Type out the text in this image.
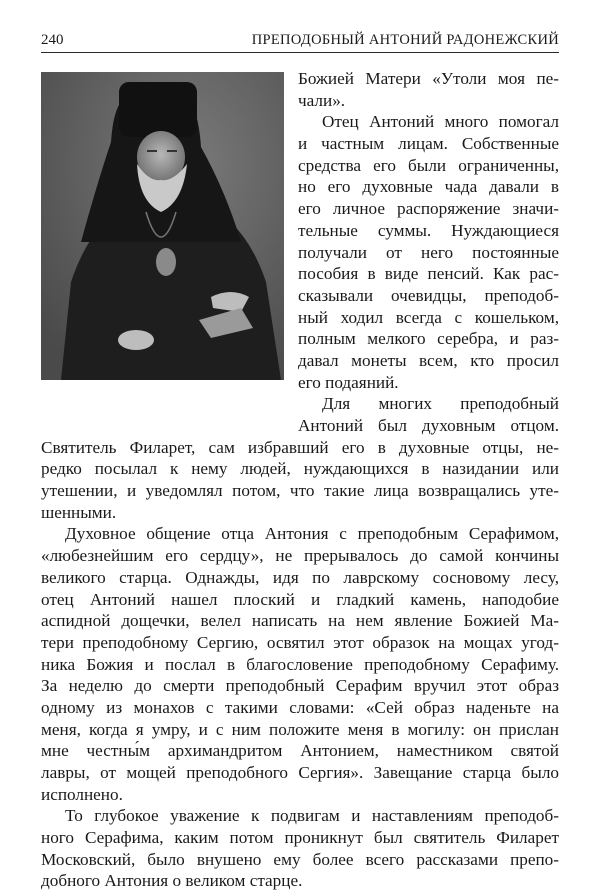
240	ПРЕПОДОБНЫЙ АНТОНИЙ РАДОНЕЖСКИЙ
Божией Матери «Утоли моя пе-
чали».
Отец Антоний много помогал
и частным лицам. Собственные
средства его были ограниченны,
но его духовные чада давали в
его личное распоряжение значи-
тельные суммы. Нуждающиеся
получали от него постоянные
пособия в виде пенсий. Как рас-
сказывали очевидцы, преподоб-
ный ходил всегда с кошельком,
полным мелкого серебра, и раз-
давал монеты всем, кто просил
его подаяний.
Для многих преподобный
Антоний был духовным отцом.
Святитель Филарет, сам избравший его в духовные отцы, не-
редко посылал к нему людей, нуждающихся в назидании или
утешении, и уведомлял потом, что такие лица возвращались уте-
шенными.
Духовное общение отца Антония с преподобным Серафимом,
«любезнейшим его сердцу», не прерывалось до самой кончины
великого старца. Однажды, идя по лаврскому сосновому лесу,
отец Антоний нашел плоский и гладкий камень, наподобие
аспидной дощечки, велел написать на нем явление Божией Ма-
тери преподобному Сергию, освятил этот образок на мощах угод-
ника Божия и послал в благословение преподобному Серафиму.
За неделю до смерти преподобный Серафим вручил этот образ
одному из монахов с такими словами: «Сей образ наденьте на
меня, когда я умру, и с ним положите меня в могилу: он прислан
мне честны́м архимандритом Антонием, наместником святой
лавры, от мощей преподобного Сергия». Завещание старца было
исполнено.
То глубокое уважение к подвигам и наставлениям преподоб-
ного Серафима, каким потом проникнут был святитель Филарет
Московский, было внушено ему более всего рассказами препо-
добного Антония о великом старце.
